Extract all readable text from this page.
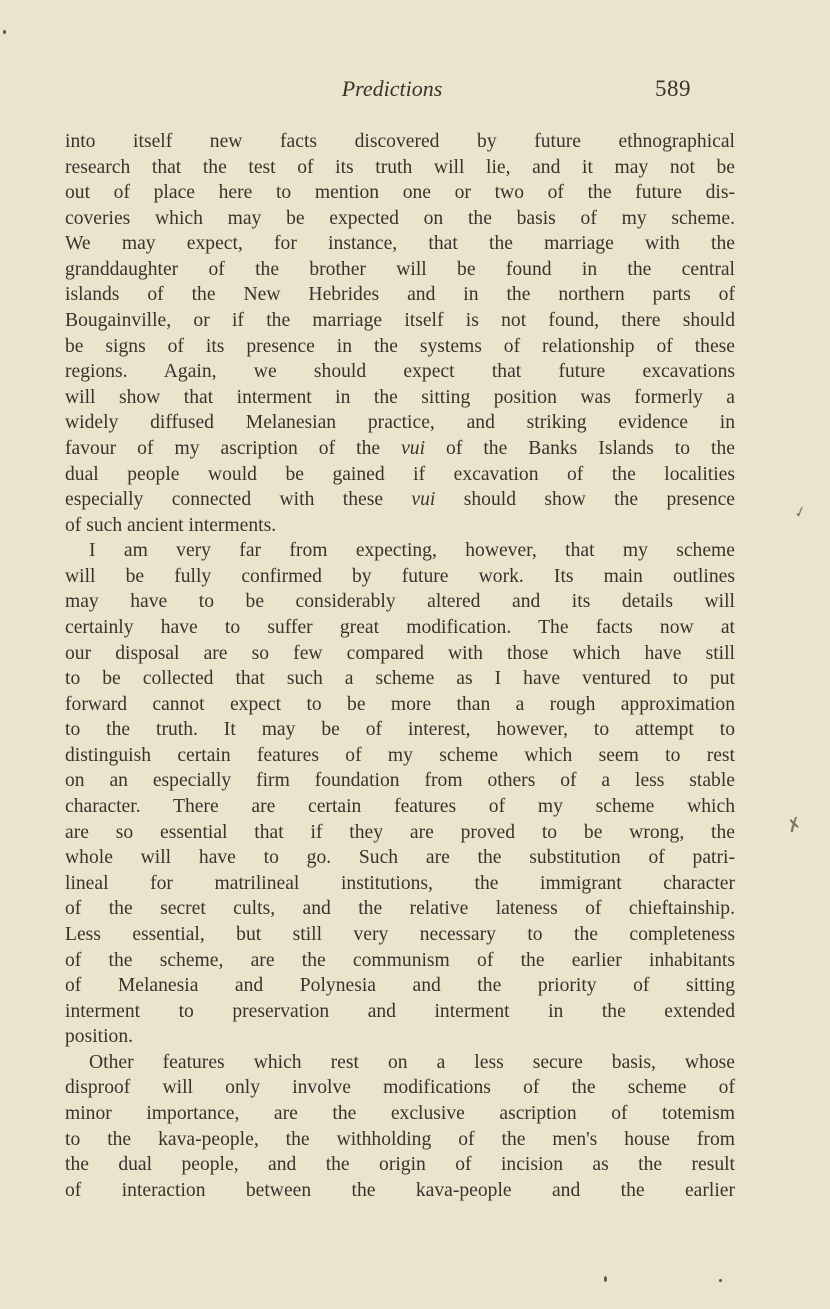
Predictions	589
into itself new facts discovered by future ethnographical
research that the test of its truth will lie, and it may not be
out of place here to mention one or two of the future dis-
coveries which may be expected on the basis of my scheme.
We may expect, for instance, that the marriage with the
granddaughter of the brother will be found in the central
islands of the New Hebrides and in the northern parts of
Bougainville, or if the marriage itself is not found, there should
be signs of its presence in the systems of relationship of these
regions. Again, we should expect that future excavations
will show that interment in the sitting position was formerly a
widely diffused Melanesian practice, and striking evidence in
favour of my ascription of the vui of the Banks Islands to the
dual people would be gained if excavation of the localities
especially connected with these vui should show the presence
of such ancient interments.
I am very far from expecting, however, that my scheme
will be fully confirmed by future work. Its main outlines
may have to be considerably altered and its details will
certainly have to suffer great modification. The facts now at
our disposal are so few compared with those which have still
to be collected that such a scheme as I have ventured to put
forward cannot expect to be more than a rough approximation
to the truth. It may be of interest, however, to attempt to
distinguish certain features of my scheme which seem to rest
on an especially firm foundation from others of a less stable
character. There are certain features of my scheme which
are so essential that if they are proved to be wrong, the
whole will have to go. Such are the substitution of patri-
lineal for matrilineal institutions, the immigrant character
of the secret cults, and the relative lateness of chieftainship.
Less essential, but still very necessary to the completeness
of the scheme, are the communism of the earlier inhabitants
of Melanesia and Polynesia and the priority of sitting
interment to preservation and interment in the extended
position.
Other features which rest on a less secure basis, whose
disproof will only involve modifications of the scheme of
minor importance, are the exclusive ascription of totemism
to the kava-people, the withholding of the men's house from
the dual people, and the origin of incision as the result
of interaction between the kava-people and the earlier
✓
✗
